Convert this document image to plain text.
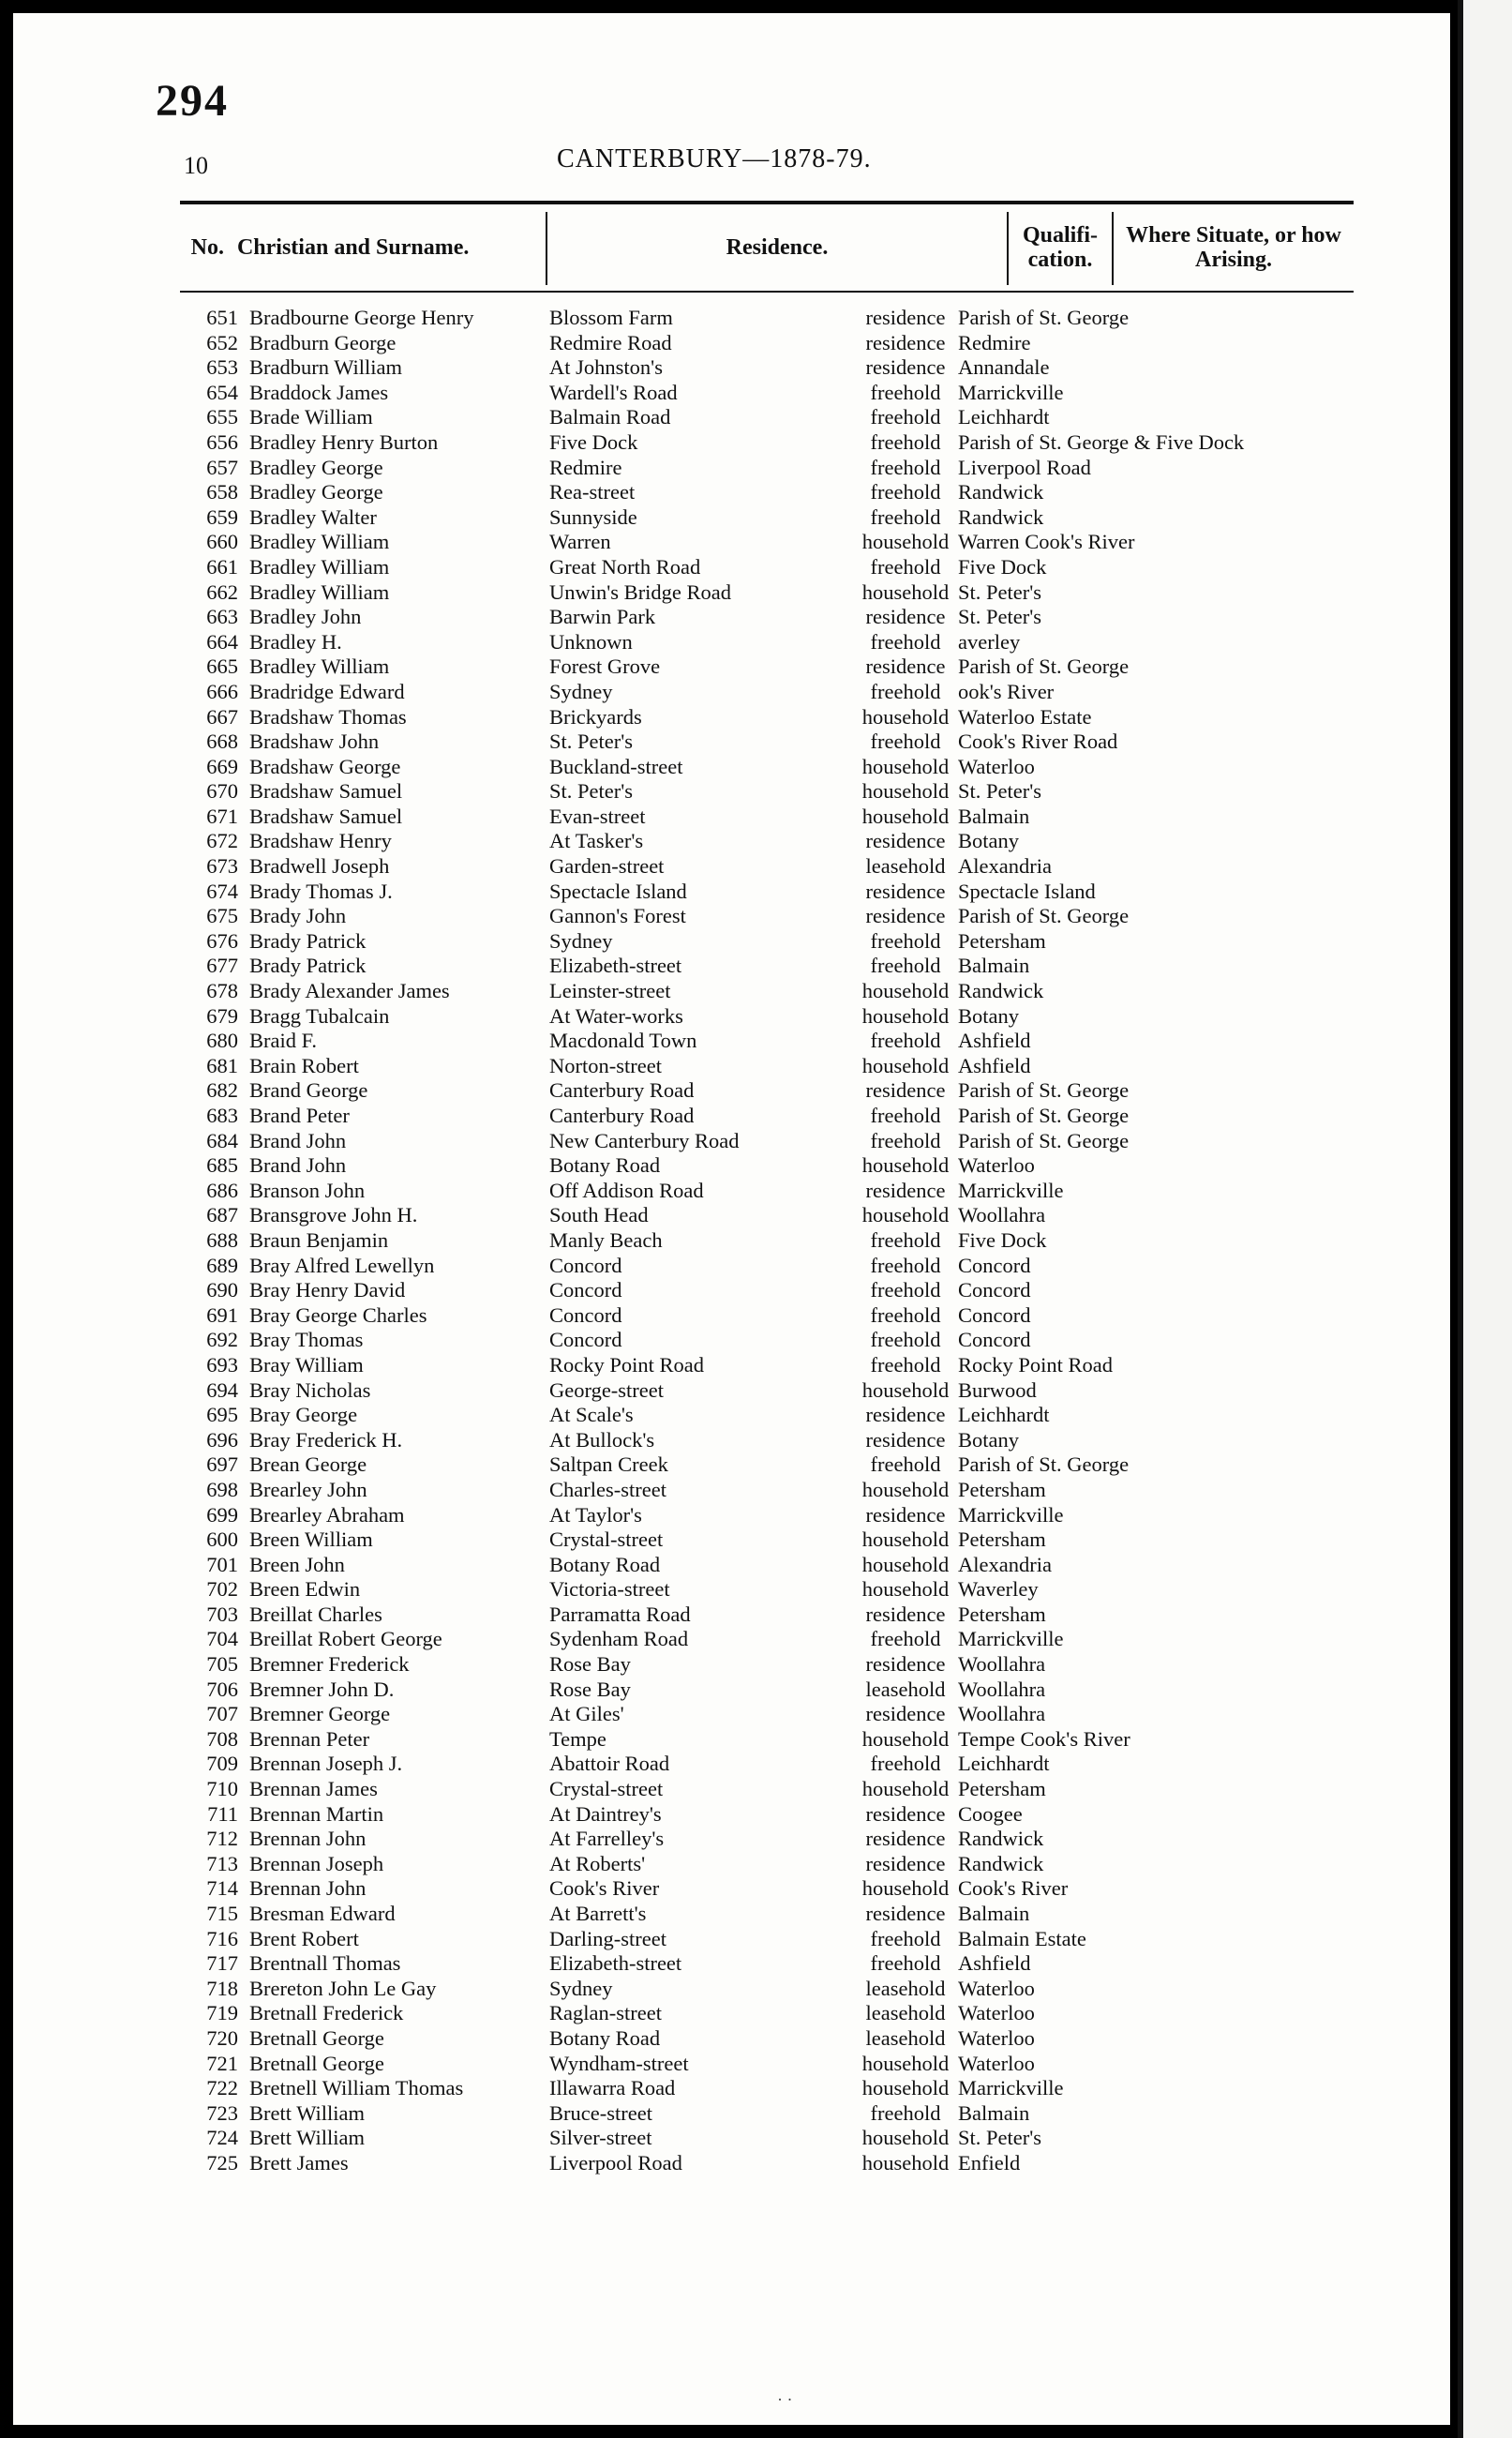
294
10	CANTERBURY—1878-79.
No. Christian and Surname.	Residence.	Qualifi-
cation.
Where Situate, or how Arising.
651 Bradbourne George Henry	Blossom Farm	residence Parish of St. George
652 Bradburn George	Redmire Road	residence Redmire
653 Bradburn William	At Johnston's	residence Annandale
654 Braddock James	Wardell's Road	freehold Marrickville
655 Brade William	Balmain Road	freehold Leichhardt
656 Bradley Henry Burton	Five Dock	freehold Parish of St. George & Five Dock
657 Bradley George	Redmire	freehold Liverpool Road
658 Bradley George	Rea-street	freehold Randwick
659 Bradley Walter	Sunnyside	freehold Randwick
660 Bradley William	Warren	household Warren Cook's River
661 Bradley William	Great North Road	freehold Five Dock
662 Bradley William	Unwin's Bridge Road	household St. Peter's
663 Bradley John	Barwin Park	residence St. Peter's
664 Bradley H.	Unknown	freehold averley
665 Bradley William	Forest Grove	residence Parish of St. George
666 Bradridge Edward	Sydney	freehold ook's River
667 Bradshaw Thomas	Brickyards	household Waterloo Estate
668 Bradshaw John	St. Peter's	freehold Cook's River Road
669 Bradshaw George	Buckland-street	household Waterloo
670 Bradshaw Samuel	St. Peter's	household St. Peter's
671 Bradshaw Samuel	Evan-street	household Balmain
672 Bradshaw Henry	At Tasker's	residence Botany
673 Bradwell Joseph	Garden-street	leasehold Alexandria
674 Brady Thomas J.	Spectacle Island	residence Spectacle Island
675 Brady John	Gannon's Forest	residence Parish of St. George
676 Brady Patrick	Sydney	freehold Petersham
677 Brady Patrick	Elizabeth-street	freehold Balmain
678 Brady Alexander James	Leinster-street	household Randwick
679 Bragg Tubalcain	At Water-works	household Botany
680 Braid F.	Macdonald Town	freehold Ashfield
681 Brain Robert	Norton-street	household Ashfield
682 Brand George	Canterbury Road	residence Parish of St. George
683 Brand Peter	Canterbury Road	freehold Parish of St. George
684 Brand John	New Canterbury Road	freehold Parish of St. George
685 Brand John	Botany Road	household Waterloo
686 Branson John	Off Addison Road	residence Marrickville
687 Bransgrove John H.	South Head	household Woollahra
688 Braun Benjamin	Manly Beach	freehold Five Dock
689 Bray Alfred Lewellyn	Concord	freehold Concord
690 Bray Henry David	Concord	freehold Concord
691 Bray George Charles	Concord	freehold Concord
692 Bray Thomas	Concord	freehold Concord
693 Bray William	Rocky Point Road	freehold Rocky Point Road
694 Bray Nicholas	George-street	household Burwood
695 Bray George	At Scale's	residence Leichhardt
696 Bray Frederick H.	At Bullock's	residence Botany
697 Brean George	Saltpan Creek	freehold Parish of St. George
698 Brearley John	Charles-street	household Petersham
699 Brearley Abraham	At Taylor's	residence Marrickville
600 Breen William	Crystal-street	household Petersham
701 Breen John	Botany Road	household Alexandria
702 Breen Edwin	Victoria-street	household Waverley
703 Breillat Charles	Parramatta Road	residence Petersham
704 Breillat Robert George	Sydenham Road	freehold Marrickville
705 Bremner Frederick	Rose Bay	residence Woollahra
706 Bremner John D.	Rose Bay	leasehold Woollahra
707 Bremner George	At Giles'	residence Woollahra
708 Brennan Peter	Tempe	household Tempe Cook's River
709 Brennan Joseph J.	Abattoir Road	freehold Leichhardt
710 Brennan James	Crystal-street	household Petersham
711 Brennan Martin	At Daintrey's	residence Coogee
712 Brennan John	At Farrelley's	residence Randwick
713 Brennan Joseph	At Roberts'	residence Randwick
714 Brennan John	Cook's River	household Cook's River
715 Bresman Edward	At Barrett's	residence Balmain
716 Brent Robert	Darling-street	freehold Balmain Estate
717 Brentnall Thomas	Elizabeth-street	freehold Ashfield
718 Brereton John Le Gay	Sydney	leasehold Waterloo
719 Bretnall Frederick	Raglan-street	leasehold Waterloo
720 Bretnall George	Botany Road	leasehold Waterloo
721 Bretnall George	Wyndham-street	household Waterloo
722 Bretnell William Thomas	Illawarra Road	household Marrickville
723 Brett William	Bruce-street	freehold Balmain
724 Brett William	Silver-street	household St. Peter's
725 Brett James	Liverpool Road	household Enfield
· ·
